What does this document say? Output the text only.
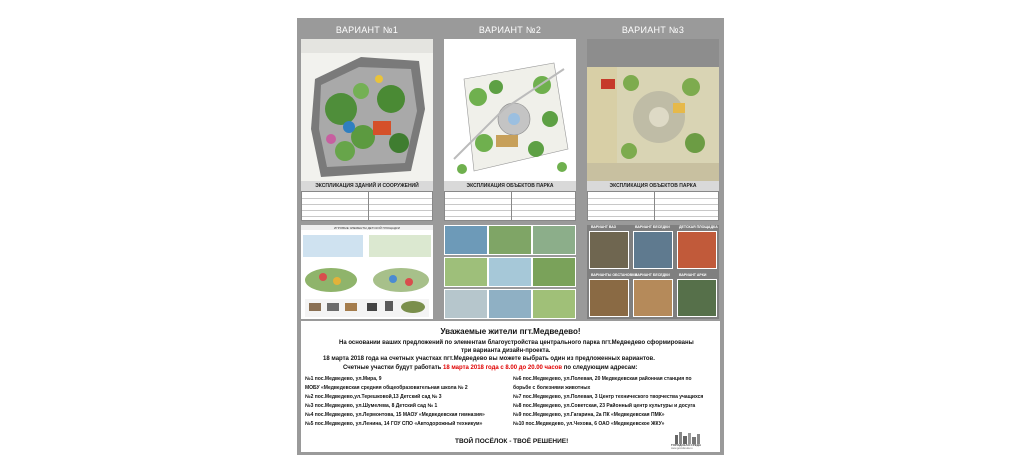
ВАРИАНТ №1
ЭКСПЛИКАЦИЯ ЗДАНИЙ И СООРУЖЕНИЙ
ИГРОВЫЕ ЭЛЕМЕНТЫ ДЕТСКОЙ ПЛОЩАДКИ
ВАРИАНТ №2
ЭКСПЛИКАЦИЯ ОБЪЕКТОВ ПАРКА
ВАРИАНТ №3
ЭКСПЛИКАЦИЯ ОБЪЕКТОВ ПАРКА
ВАРИАНТ ВАЗ	ВАРИАНТ БЕСЕДКИ	ДЕТСКАЯ ПЛОЩАДКА
ВАРИАНТЫ ОБСТАНОВКИ
ВАРИАНТ БЕСЕДКИ	ВАРИАНТ АРКИ
Уважаемые жители пгт.Медведево!
На основании ваших предложений по элементам благоустройства центрального парка пгт.Медведево сформированы
три варианта дизайн-проекта.
18 марта 2018 года на счетных участках пгт.Медведево вы можете выбрать один из предложенных вариантов.
Счетные участки будут работать 18 марта 2018 года с 8.00 до 20.00 часов по следующим адресам:
№1 пос.Медведево, ул.Мира, 9
МОБУ «Медведевская средняя общеобразовательная школа № 2
№2 пос.Медведево,ул.Терешковой,13 Детский сад № 3
№3 пос.Медведево, ул.Шумелева, 8 Детский сад № 1
№4 пос.Медведево, ул.Лермонтова, 15 МАОУ «Медведевская гимназия»
№5 пос.Медведево, ул.Ленина, 14 ГОУ СПО «Автодорожный техникум»
№6 пос.Медведево, ул.Полевая, 20 Медведевская районная станция по
борьбе с болезнями животных
№7 пос.Медведево, ул.Полевая, 3 Центр технического творчества учащихся
№8 пос.Медведево, ул.Советская, 23 Районный центр культуры и досуга
№9 пос.Медведево, ул.Гагарина, 2а ПК «Медведевская ПМК»
№10 пос.Медведево, ул.Чехова, 6 ОАО «Медведевское ЖКУ»
ТВОЙ ПОСЁЛОК - ТВОЁ РЕШЕНИЕ!	ГОРОДСКАЯ СРЕДА
www.gorodsreda.ru
